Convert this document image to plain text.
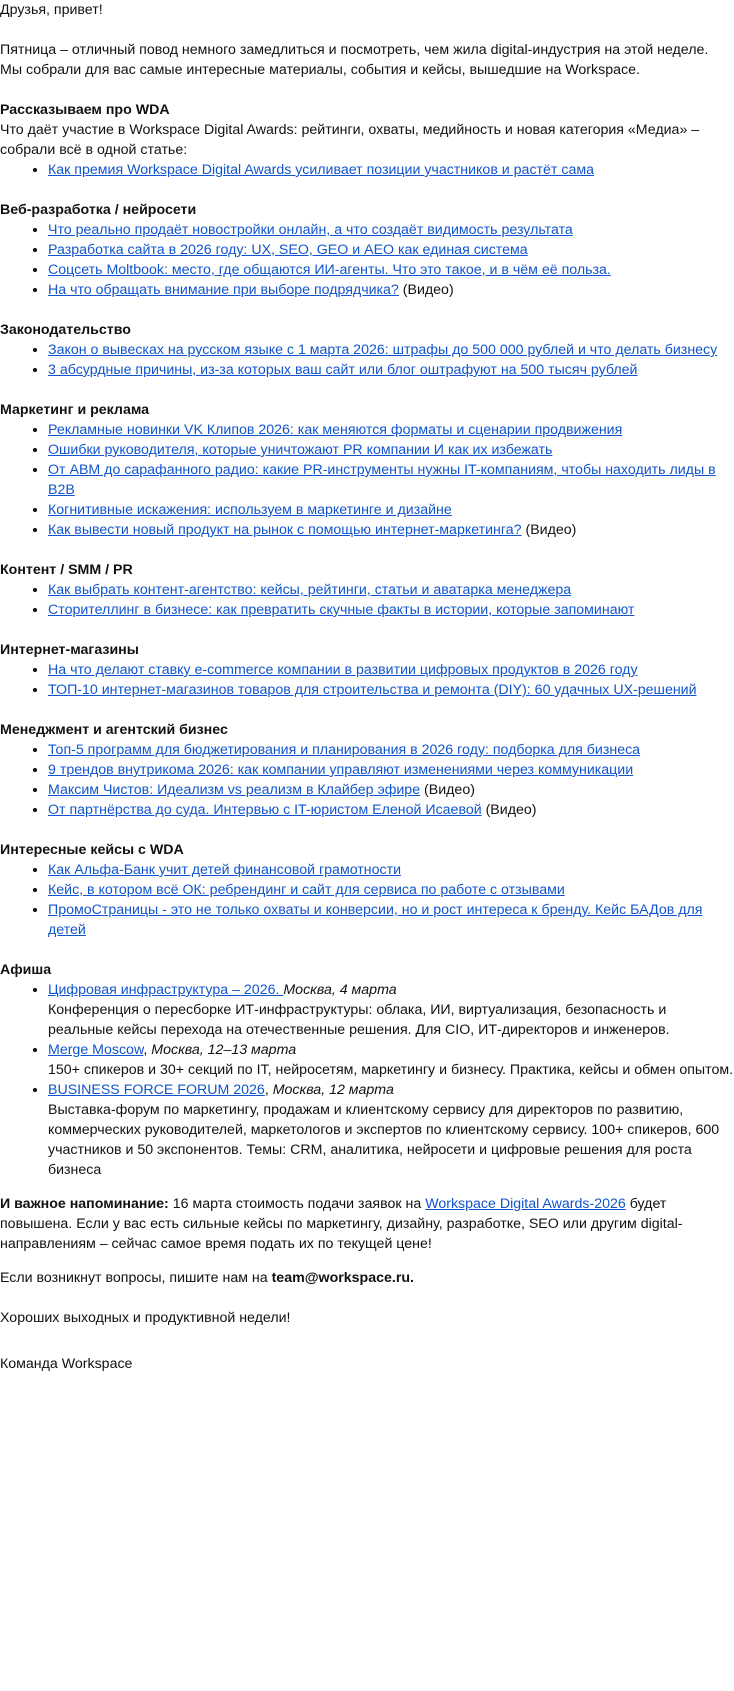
Друзья, привет!

Пятница – отличный повод немного замедлиться и посмотреть, чем жила digital-индустрия на этой неделе. Мы собрали для вас самые интересные материалы, события и кейсы, вышедшие на Workspace.

Рассказываем про WDA

Что даёт участие в Workspace Digital Awards: рейтинги, охваты, медийность и новая категория «Медиа» – собрали всё в одной статье:

• Как премия Workspace Digital Awards усиливает позиции участников и растёт сама
Веб-разработка / нейросети
• Что реально продаёт новостройки онлайн, а что создаёт видимость результата
• Разработка сайта в 2026 году: UX, SEO, GEO и AEO как единая система
• Соцсеть Moltbook: место, где общаются ИИ-агенты. Что это такое, и в чём её польза.
• На что обращать внимание при выборе подрядчика? (Видео)
Законодательство
• Закон о вывесках на русском языке с 1 марта 2026: штрафы до 500 000 рублей и что делать бизнесу
• 3 абсурдные причины, из-за которых ваш сайт или блог оштрафуют на 500 тысяч рублей
Маркетинг и реклама
• Рекламные новинки VK Клипов 2026: как меняются форматы и сценарии продвижения
• Ошибки руководителя, которые уничтожают PR компании И как их избежать
• От ABM до сарафанного радио: какие PR-инструменты нужны IT-компаниям, чтобы находить лиды в B2B
• Когнитивные искажения: используем в маркетинге и дизайне
• Как вывести новый продукт на рынок с помощью интернет-маркетинга? (Видео)
Контент / SMM / PR
• Как выбрать контент-агентство: кейсы, рейтинги, статьи и аватарка менеджера
• Сторителлинг в бизнесе: как превратить скучные факты в истории, которые запоминают
Интернет-магазины
• На что делают ставку e-commerce компании в развитии цифровых продуктов в 2026 году
• ТОП-10 интернет-магазинов товаров для строительства и ремонта (DIY): 60 удачных UX-решений
Менеджмент и агентский бизнес
• Топ-5 программ для бюджетирования и планирования в 2026 году: подборка для бизнеса
• 9 трендов внутрикома 2026: как компании управляют изменениями через коммуникации
• Максим Чистов: Идеализм vs реализм в Клайбер эфире (Видео)
• От партнёрства до суда. Интервью с IT-юристом Еленой Исаевой (Видео)
Интересные кейсы с WDA
• Как Альфа-Банк учит детей финансовой грамотности
• Кейс, в котором всё ОК: ребрендинг и сайт для сервиса по работе с отзывами
• ПромоСтраницы - это не только охваты и конверсии, но и рост интереса к бренду. Кейс БАДов для детей
Афиша
• Цифровая инфраструктура – 2026. Москва, 4 марта
Конференция о пересборке ИТ-инфраструктуры: облака, ИИ, виртуализация, безопасность и реальные кейсы перехода на отечественные решения. Для CIO, ИТ-директоров и инженеров.
• Merge Moscow, Москва, 12–13 марта
150+ спикеров и 30+ секций по IT, нейросетям, маркетингу и бизнесу. Практика, кейсы и обмен опытом.
• BUSINESS FORCE FORUM 2026, Москва, 12 марта
Выставка-форум по маркетингу, продажам и клиентскому сервису для директоров по развитию, коммерческих руководителей, маркетологов и экспертов по клиентскому сервису. 100+ спикеров, 600 участников и 50 экспонентов. Темы: CRM, аналитика, нейросети и цифровые решения для роста бизнеса

И важное напоминание: 16 марта стоимость подачи заявок на Workspace Digital Awards-2026 будет повышена. Если у вас есть сильные кейсы по маркетингу, дизайну, разработке, SEO или другим digital-направлениям – сейчас самое время подать их по текущей цене!

Если возникнут вопросы, пишите нам на team@workspace.ru.

Хороших выходных и продуктивной недели!

Команда Workspace
